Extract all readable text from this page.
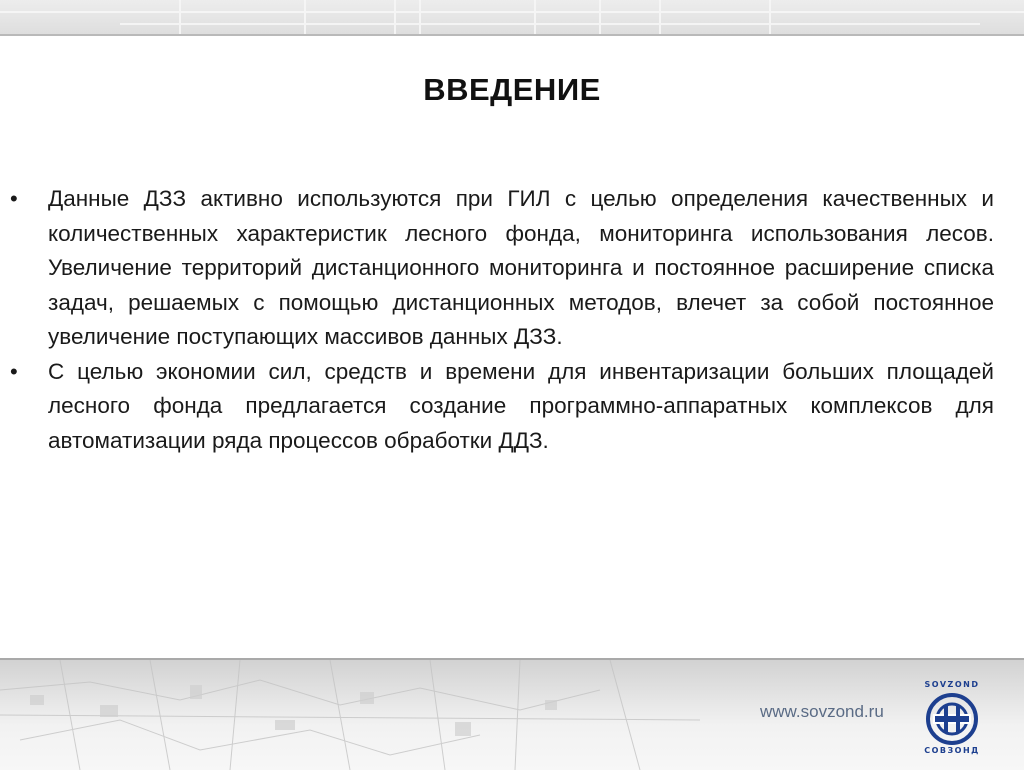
ВВЕДЕНИЕ
• Данные ДЗЗ активно используются при ГИЛ с целью определения качественных и количественных характеристик лесного фонда, мониторинга использования лесов. Увеличение территорий дистанционного мониторинга и постоянное расширение списка задач, решаемых с помощью дистанционных методов, влечет за собой постоянное увеличение поступающих массивов данных ДЗЗ.
• С целью экономии сил, средств и времени для инвентаризации больших площадей лесного фонда предлагается создание программно-аппаратных комплексов для автоматизации ряда процессов обработки ДДЗ.
www.sovzond.ru
SOVZOND
СОВЗОНД
